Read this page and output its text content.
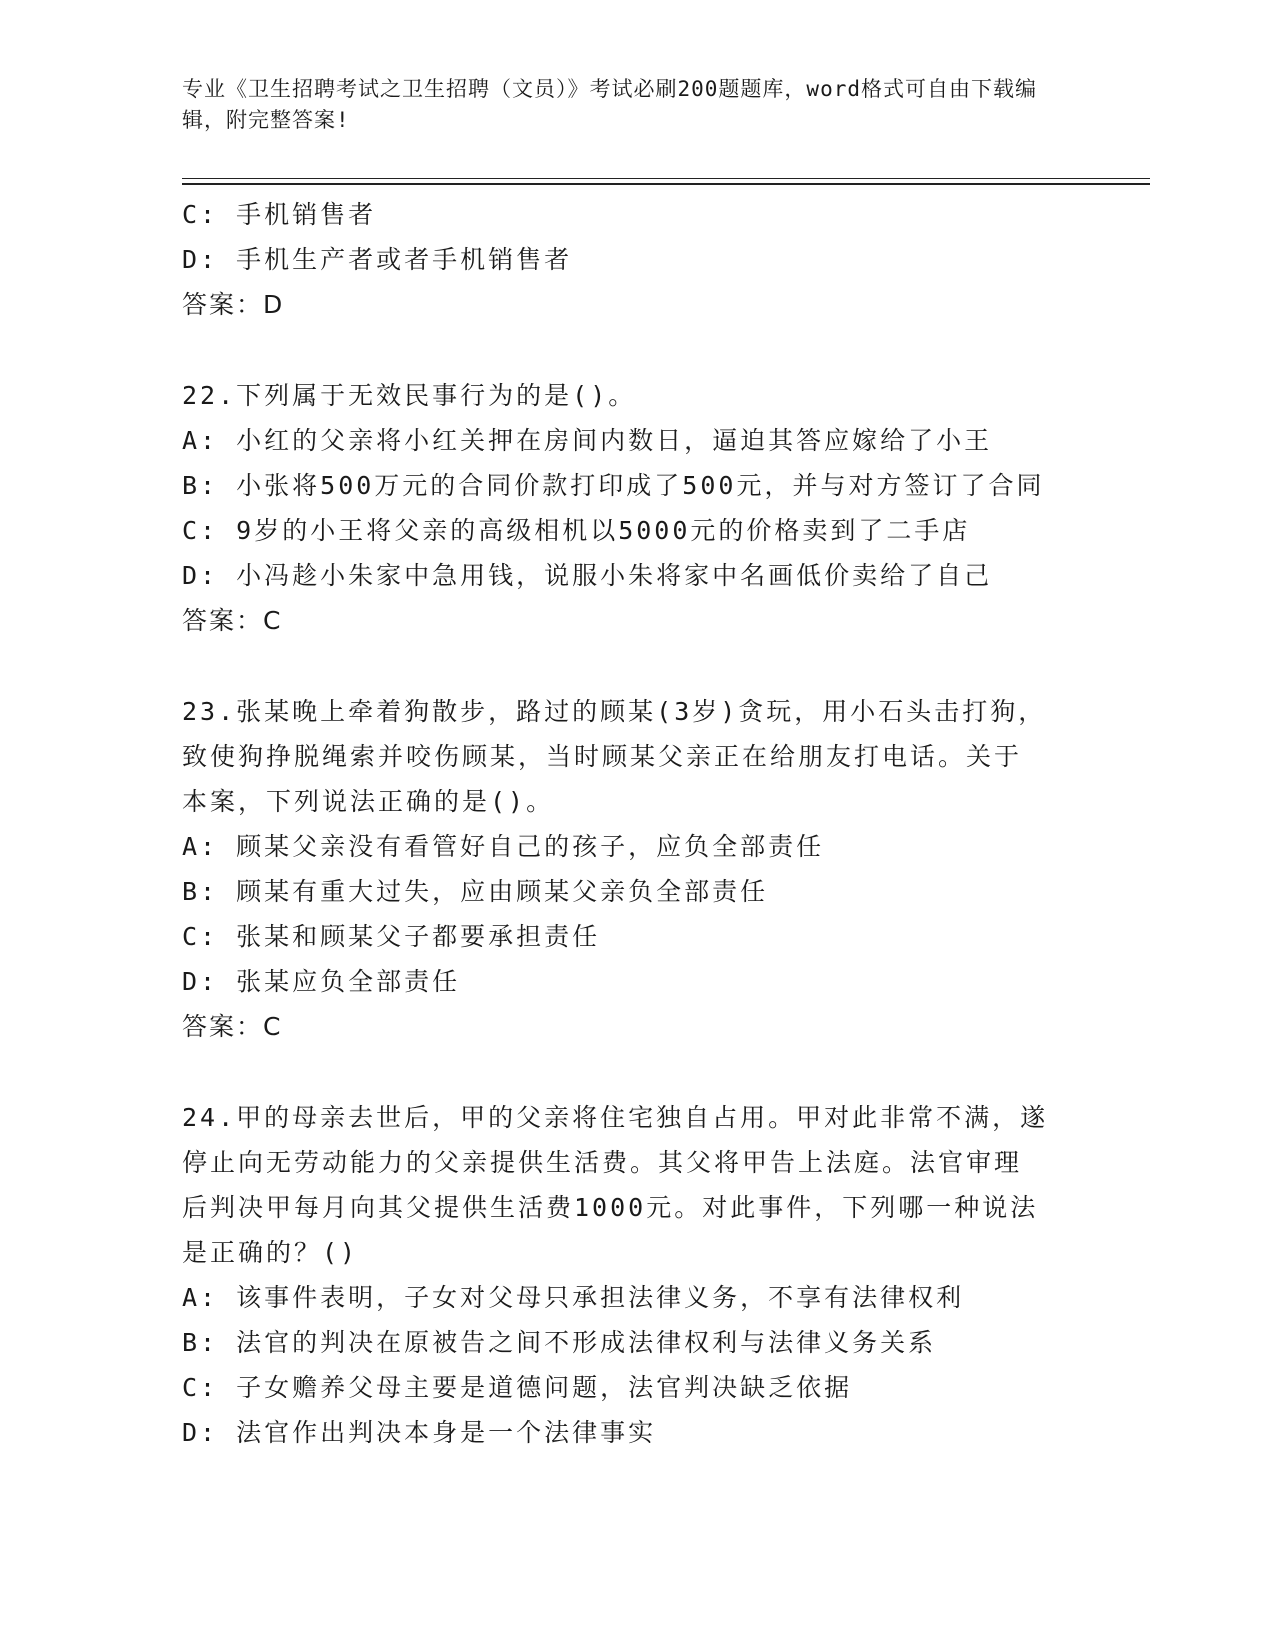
专业《卫生招聘考试之卫生招聘（文员）》考试必刷200题题库，word格式可自由下载编辑，附完整答案!
C: 手机销售者
D: 手机生产者或者手机销售者
答案：D
22.下列属于无效民事行为的是()。
A: 小红的父亲将小红关押在房间内数日，逼迫其答应嫁给了小王
B: 小张将500万元的合同价款打印成了500元，并与对方签订了合同
C: 9岁的小王将父亲的高级相机以5000元的价格卖到了二手店
D: 小冯趁小朱家中急用钱，说服小朱将家中名画低价卖给了自己
答案：C
23.张某晚上牵着狗散步，路过的顾某(3岁)贪玩，用小石头击打狗，
致使狗挣脱绳索并咬伤顾某，当时顾某父亲正在给朋友打电话。关于
本案，下列说法正确的是()。
A: 顾某父亲没有看管好自己的孩子，应负全部责任
B: 顾某有重大过失，应由顾某父亲负全部责任
C: 张某和顾某父子都要承担责任
D: 张某应负全部责任
答案：C
24.甲的母亲去世后，甲的父亲将住宅独自占用。甲对此非常不满，遂
停止向无劳动能力的父亲提供生活费。其父将甲告上法庭。法官审理
后判决甲每月向其父提供生活费1000元。对此事件，下列哪一种说法
是正确的？()
A: 该事件表明，子女对父母只承担法律义务，不享有法律权利
B: 法官的判决在原被告之间不形成法律权利与法律义务关系
C: 子女赡养父母主要是道德问题，法官判决缺乏依据
D: 法官作出判决本身是一个法律事实
